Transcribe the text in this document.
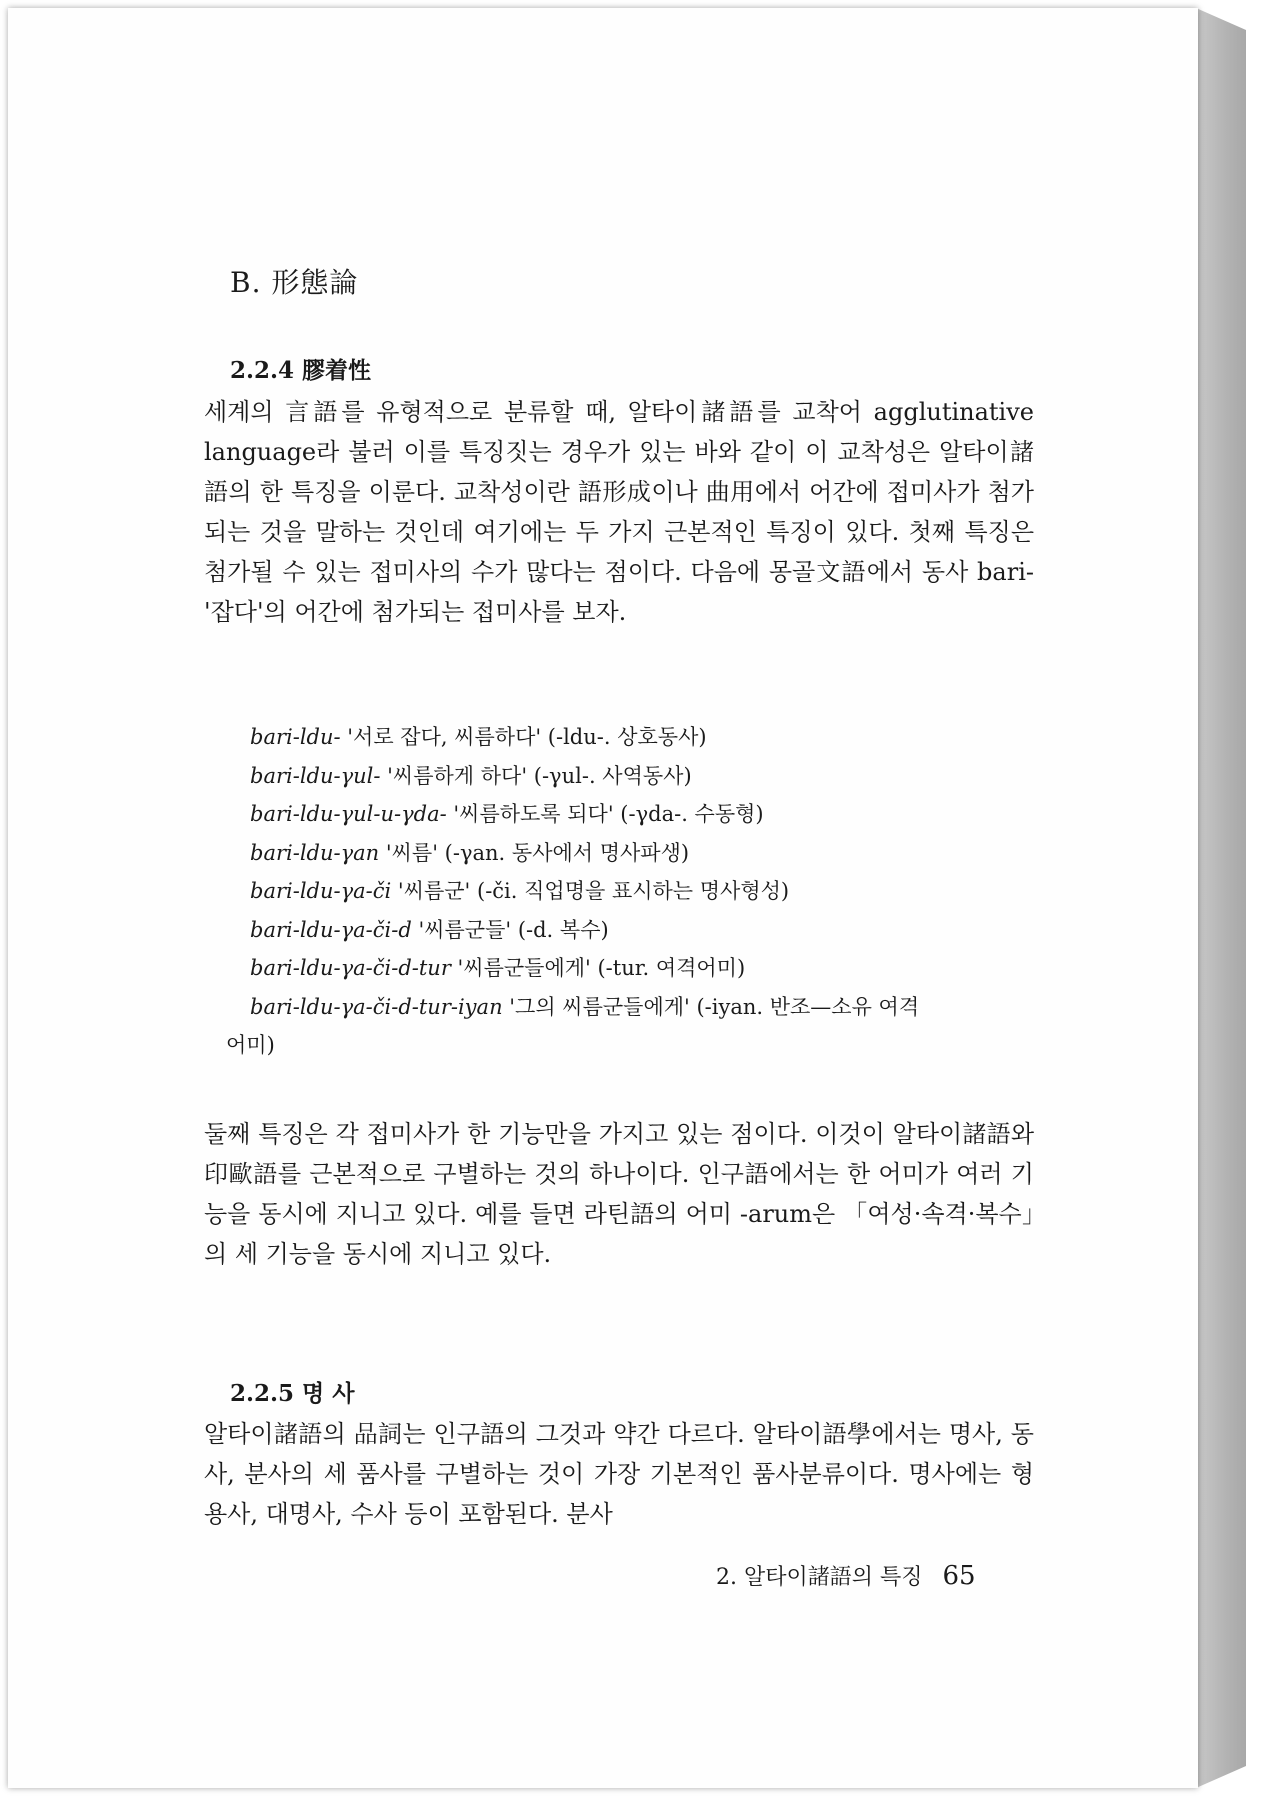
B. 形態論
2.2.4 膠着性

세계의 言語를 유형적으로 분류할 때, 알타이諸語를 교착어 agglutinative language라 불러 이를 특징짓는 경우가 있는 바와 같이 이 교착성은 알타이諸語의 한 특징을 이룬다. 교착성이란 語形成이나 曲用에서 어간에 접미사가 첨가되는 것을 말하는 것인데 여기에는 두 가지 근본적인 특징이 있다. 첫째 특징은 첨가될 수 있는 접미사의 수가 많다는 점이다. 다음에 몽골文語에서 동사 bari- '잡다'의 어간에 첨가되는 접미사를 보자.

bari-ldu- '서로 잡다, 씨름하다' (-ldu-. 상호동사)
bari-ldu-γul- '씨름하게 하다' (-γul-. 사역동사)
bari-ldu-γul-u-γda- '씨름하도록 되다' (-γda-. 수동형)
bari-ldu-γan '씨름' (-γan. 동사에서 명사파생)
bari-ldu-γa-či '씨름군' (-či. 직업명을 표시하는 명사형성)
bari-ldu-γa-či-d '씨름군들' (-d. 복수)
bari-ldu-γa-či-d-tur '씨름군들에게' (-tur. 여격어미)
bari-ldu-γa-či-d-tur-iyan '그의 씨름군들에게' (-iyan. 반조—소유 여격
어미)

둘째 특징은 각 접미사가 한 기능만을 가지고 있는 점이다. 이것이 알타이諸語와 印歐語를 근본적으로 구별하는 것의 하나이다. 인구語에서는 한 어미가 여러 기능을 동시에 지니고 있다. 예를 들면 라틴語의 어미 -arum은 「여성·속격·복수」의 세 기능을 동시에 지니고 있다.

2.2.5 명 사

알타이諸語의 品詞는 인구語의 그것과 약간 다르다. 알타이語學에서는 명사, 동사, 분사의 세 품사를 구별하는 것이 가장 기본적인 품사분류이다. 명사에는 형용사, 대명사, 수사 등이 포함된다. 분사

2. 알타이諸語의 특징 65
